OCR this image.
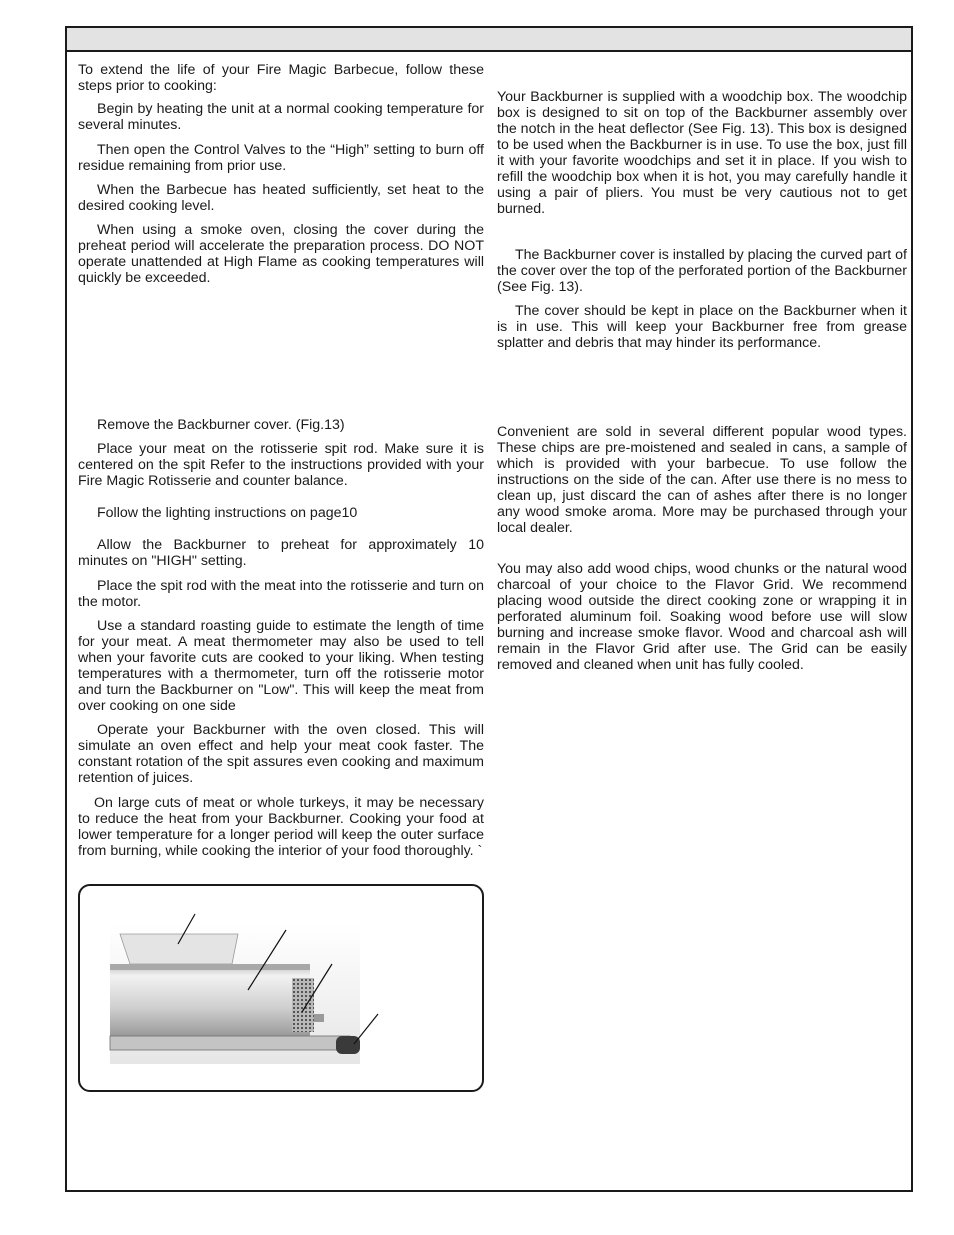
To extend the life of your Fire Magic Barbecue, follow these steps prior to cooking:

Begin by heating the unit at a normal cooking temperature for several minutes.

Then open the Control Valves to the “High” setting to burn off residue remaining from prior use.

When the Barbecue has heated sufficiently, set heat to the desired cooking level.

When using a smoke oven, closing the cover during the preheat period will accelerate the preparation process. DO NOT operate unattended at High Flame as cooking temperatures will quickly be exceeded.

Remove the Backburner cover. (Fig.13)

Place your meat on the rotisserie spit rod. Make sure it is centered on the spit Refer to the instructions provided with your Fire Magic Rotisserie and counter balance.

Follow the lighting instructions on page10

Allow the Backburner to preheat for approximately 10 minutes on "HIGH" setting.

Place the spit rod with the meat into the rotisserie and turn on the motor.

Use a standard roasting guide to estimate the length of time for your meat. A meat thermometer may also be used to tell when your favorite cuts are cooked to your liking. When testing temperatures with a thermometer, turn off the rotisserie motor and turn the Backburner on "Low". This will keep the meat from over cooking on one side

Operate your Backburner with the oven closed. This will simulate an oven effect and help your meat cook faster. The constant rotation of the spit assures even cooking and maximum retention of juices.

On large cuts of meat or whole turkeys, it may be necessary to reduce the heat from your Backburner. Cooking your food at lower temperature for a longer period will keep the outer surface from burning, while cooking the interior of your food thoroughly. `

Your Backburner is supplied with a woodchip box. The woodchip box is designed to sit on top of the Backburner assembly over the notch in the heat deflector (See Fig. 13). This box is designed to be used when the Backburner is in use. To use the box, just fill it with your favorite woodchips and set it in place. If you wish to refill the woodchip box when it is hot, you may carefully handle it using a pair of pliers. You must be very cautious not to get burned.

The Backburner cover is installed by placing the curved part of the cover over the top of the perforated portion of the Backburner (See Fig. 13).

The cover should be kept in place on the Backburner when it is in use. This will keep your Backburner free from grease splatter and debris that may hinder its performance.

Convenient are sold in several different popular wood types. These chips are pre-moistened and sealed in cans, a sample of which is provided with your barbecue. To use follow the instructions on the side of the can. After use there is no mess to clean up, just discard the can of ashes after there is no longer any wood smoke aroma. More may be purchased through your local dealer.

You may also add wood chips, wood chunks or the natural wood charcoal of your choice to the Flavor Grid. We recommend placing wood outside the direct cooking zone or wrapping it in perforated aluminum foil. Soaking wood before use will slow burning and increase smoke flavor. Wood and charcoal ash will remain in the Flavor Grid after use. The Grid can be easily removed and cleaned when unit has fully cooled.
